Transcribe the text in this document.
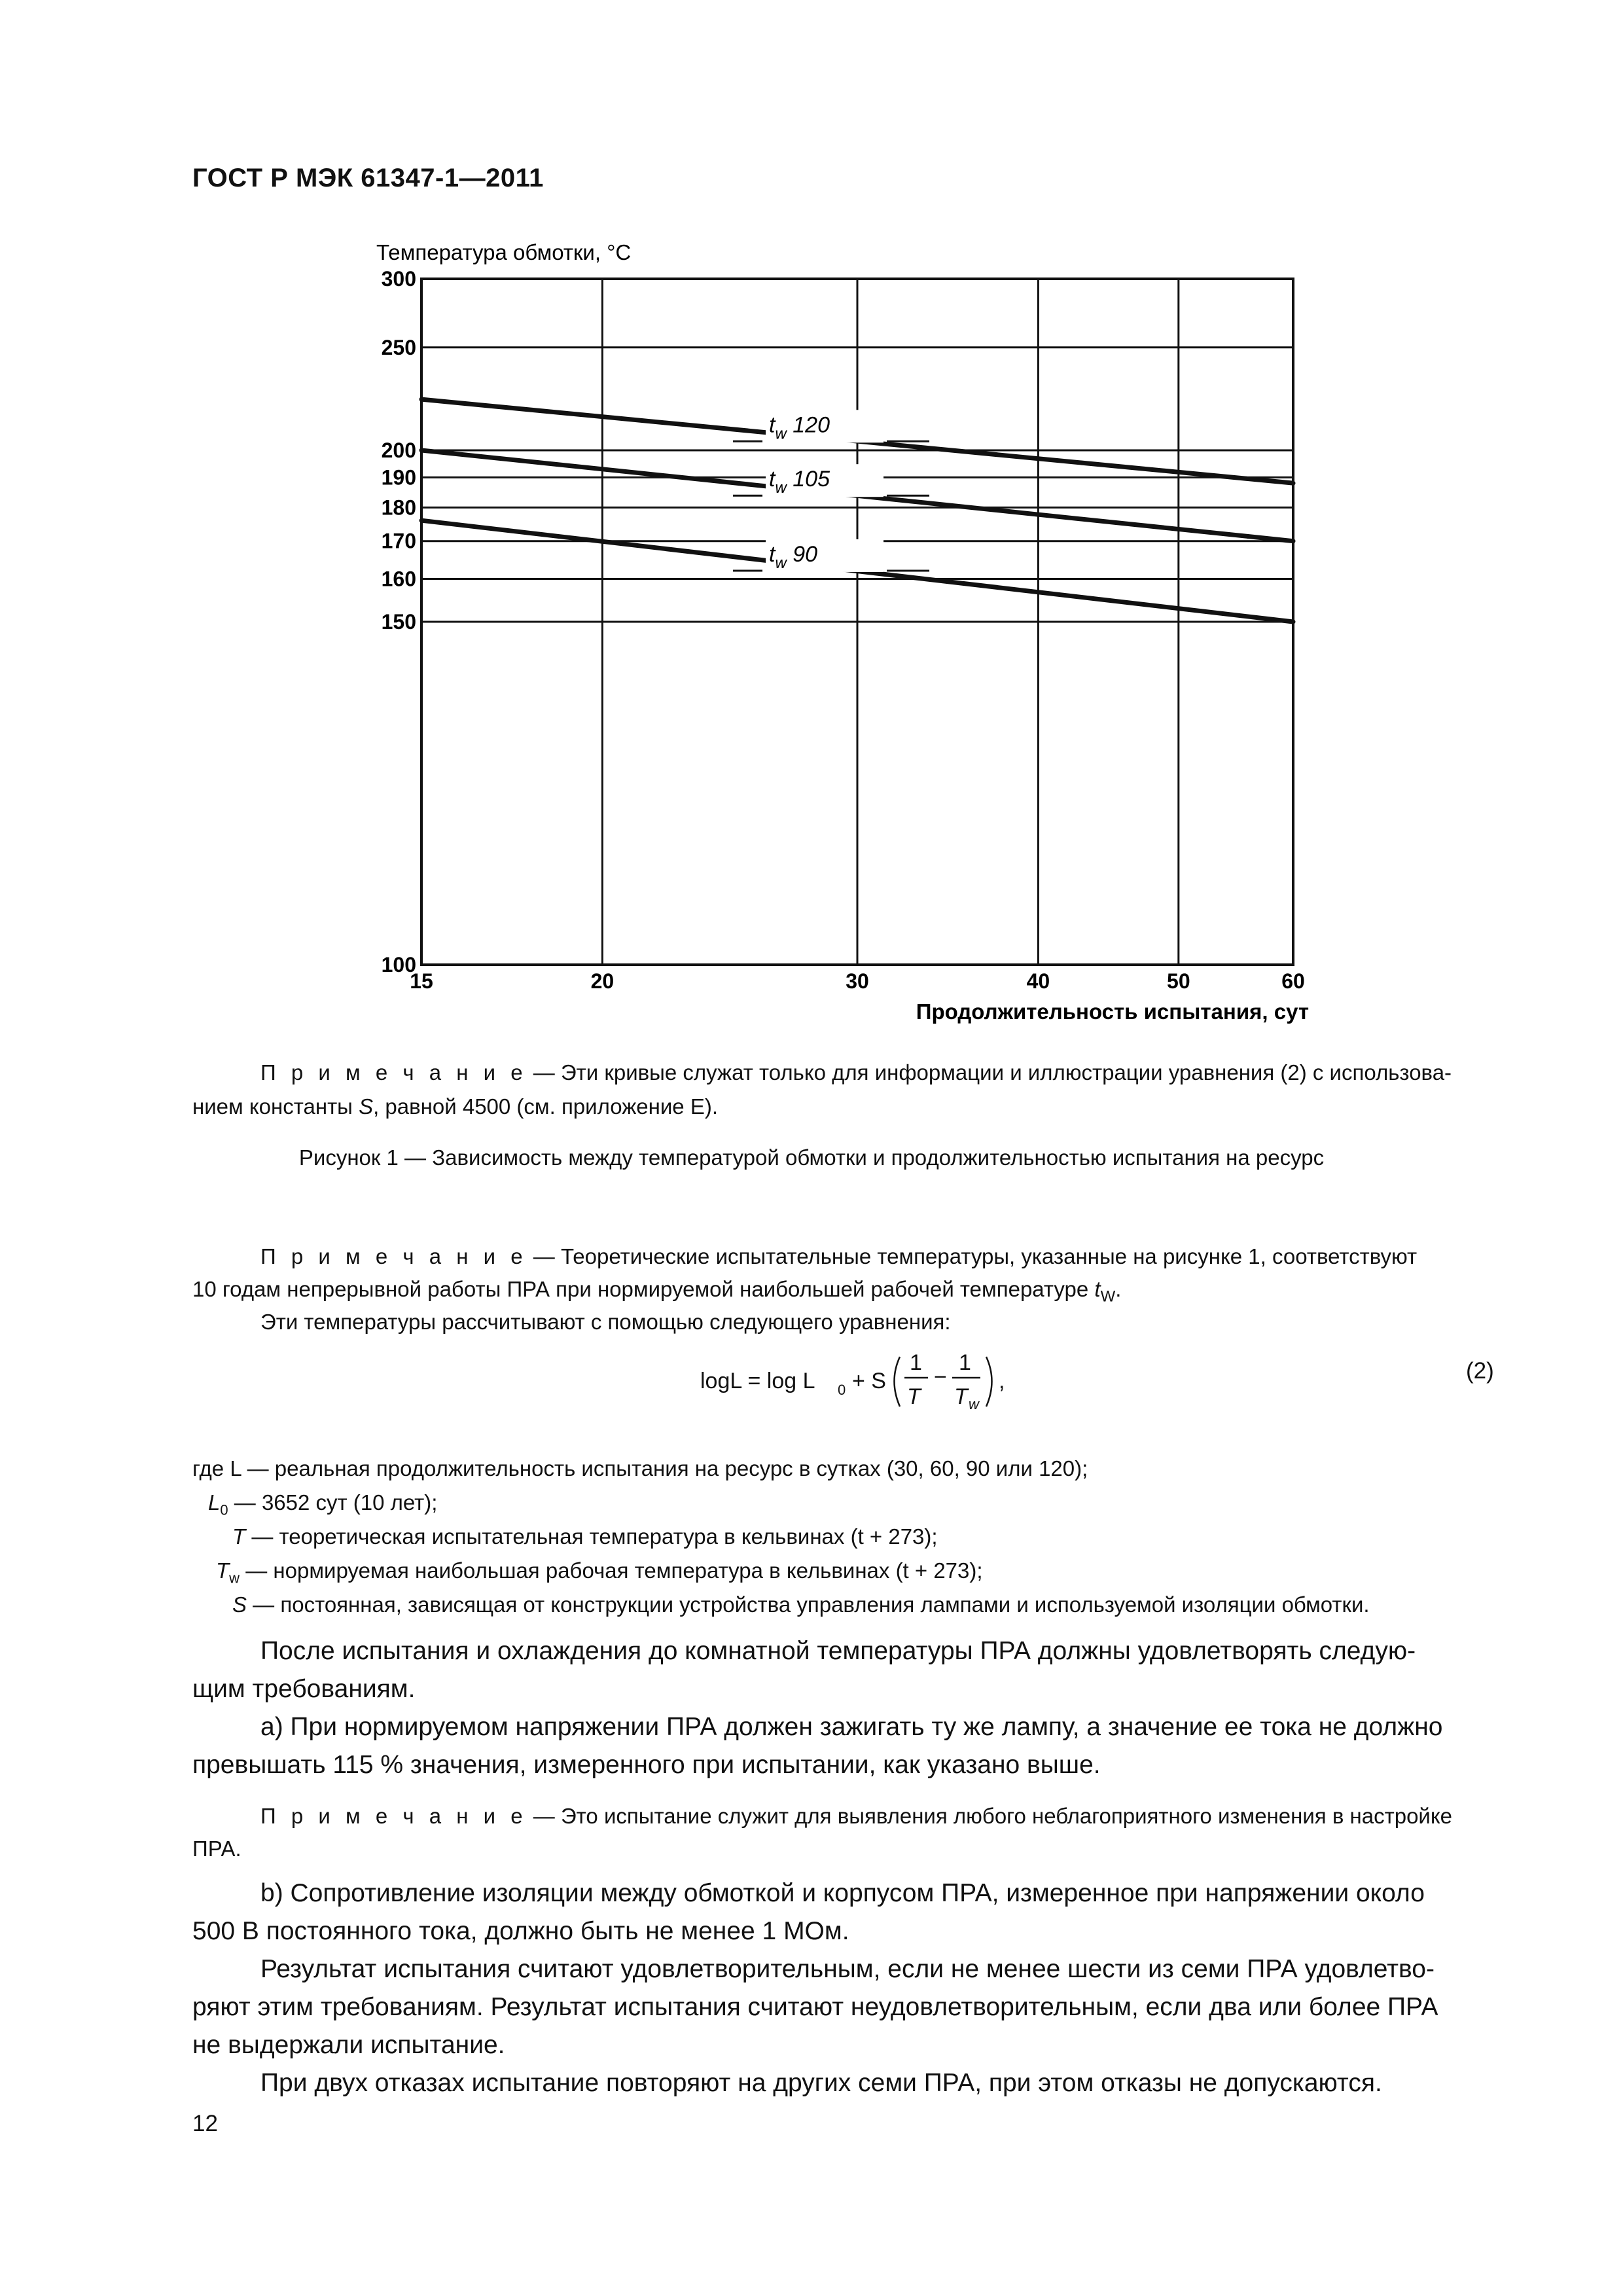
ГОСТ Р МЭК 61347-1—2011
Температура обмотки, °C
Продолжительность испытания, сут
100
150
160
170
180
190
200
250
300
15	20	30	40	50	60
$t_w$ 120
$t_w$ 105
$t_w$ 90
П р и м е ч а н и е — Эти кривые служат только для информации и иллюстрации уравнения (2) с использова-
нием константы S, равной 4500 (см. приложение Е).
Рисунок 1 — Зависимость между температурой обмотки и продолжительностью испытания на ресурс
П р и м е ч а н и е — Теоретические испытательные температуры, указанные на рисунке 1, соответствуют
10 годам непрерывной работы ПРА при нормируемой наибольшей рабочей температуре $t_W$.
Эти температуры рассчитывают с помощью следующего уравнения:
logL = log L 0 + S
1
T
−
1
T w
,	(2)
где L — реальная продолжительность испытания на ресурс в сутках (30, 60, 90 или 120);
$L_0$ — 3652 сут (10 лет);
T — теоретическая испытательная температура в кельвинах (t + 273);
$T_w$ — нормируемая наибольшая рабочая температура в кельвинах (t + 273);
S — постоянная, зависящая от конструкции устройства управления лампами и используемой изоляции обмотки.
После испытания и охлаждения до комнатной температуры ПРА должны удовлетворять следую-
щим требованиям.
a) При нормируемом напряжении ПРА должен зажигать ту же лампу, а значение ее тока не должно
превышать 115 % значения, измеренного при испытании, как указано выше.
П р и м е ч а н и е — Это испытание служит для выявления любого неблагоприятного изменения в настройке
ПРА.
b) Сопротивление изоляции между обмоткой и корпусом ПРА, измеренное при напряжении около
500 В постоянного тока, должно быть не менее 1 МОм.
Результат испытания считают удовлетворительным, если не менее шести из семи ПРА удовлетво-
ряют этим требованиям. Результат испытания считают неудовлетворительным, если два или более ПРА
не выдержали испытание.
При двух отказах испытание повторяют на других семи ПРА, при этом отказы не допускаются.
12
